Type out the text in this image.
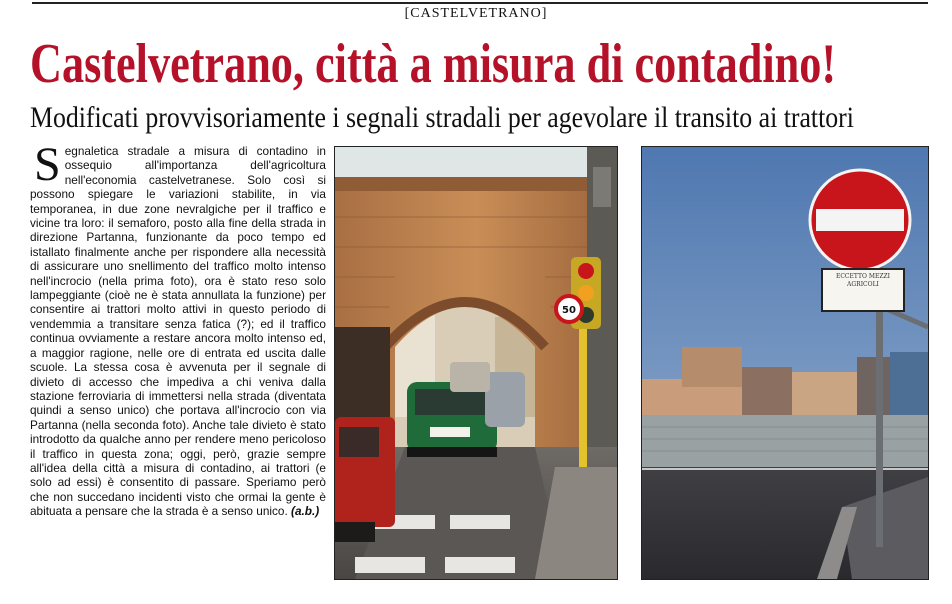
[CASTELVETRANO]
Castelvetrano, città a misura di contadino!
Modificati provvisoriamente i segnali stradali per agevolare il transito ai trattori
Segnaletica stradale a misura di contadino in ossequio all'importanza dell'agricoltura nell'economia castelvetranese. Solo così si possono spiegare le variazioni stabilite, in via temporanea, in due zone nevralgiche per il traffico e vicine tra loro: il semaforo, posto alla fine della strada in direzione Partanna, funzionante da poco tempo ed istallato finalmente anche per rispondere alla necessità di assicurare uno snellimento del traffico molto intenso nell'incrocio (nella prima foto), ora è stato reso solo lampeggiante (cioè ne è stata annullata la funzione) per consentire ai trattori molto attivi in questo periodo di vendemmia a transitare senza fatica (?); ed il traffico continua ovviamente a restare ancora molto intenso ed, a maggior ragione, nelle ore di entrata ed uscita dalle scuole. La stessa cosa è avvenuta per il segnale di divieto di accesso che impediva a chi veniva dalla stazione ferroviaria di immettersi nella strada (diventata quindi a senso unico) che portava all'incrocio con via Partanna (nella seconda foto). Anche tale divieto è stato introdotto da qualche anno per rendere meno pericoloso il traffico in questa zona; oggi, però, grazie sempre all'idea della città a misura di contadino, ai trattori (e solo ad essi) è consentito di passare. Speriamo però che non succedano incidenti visto che ormai la gente è abituata a pensare che la strada è a senso unico. (a.b.)
50
ECCETTO MEZZI AGRICOLI
